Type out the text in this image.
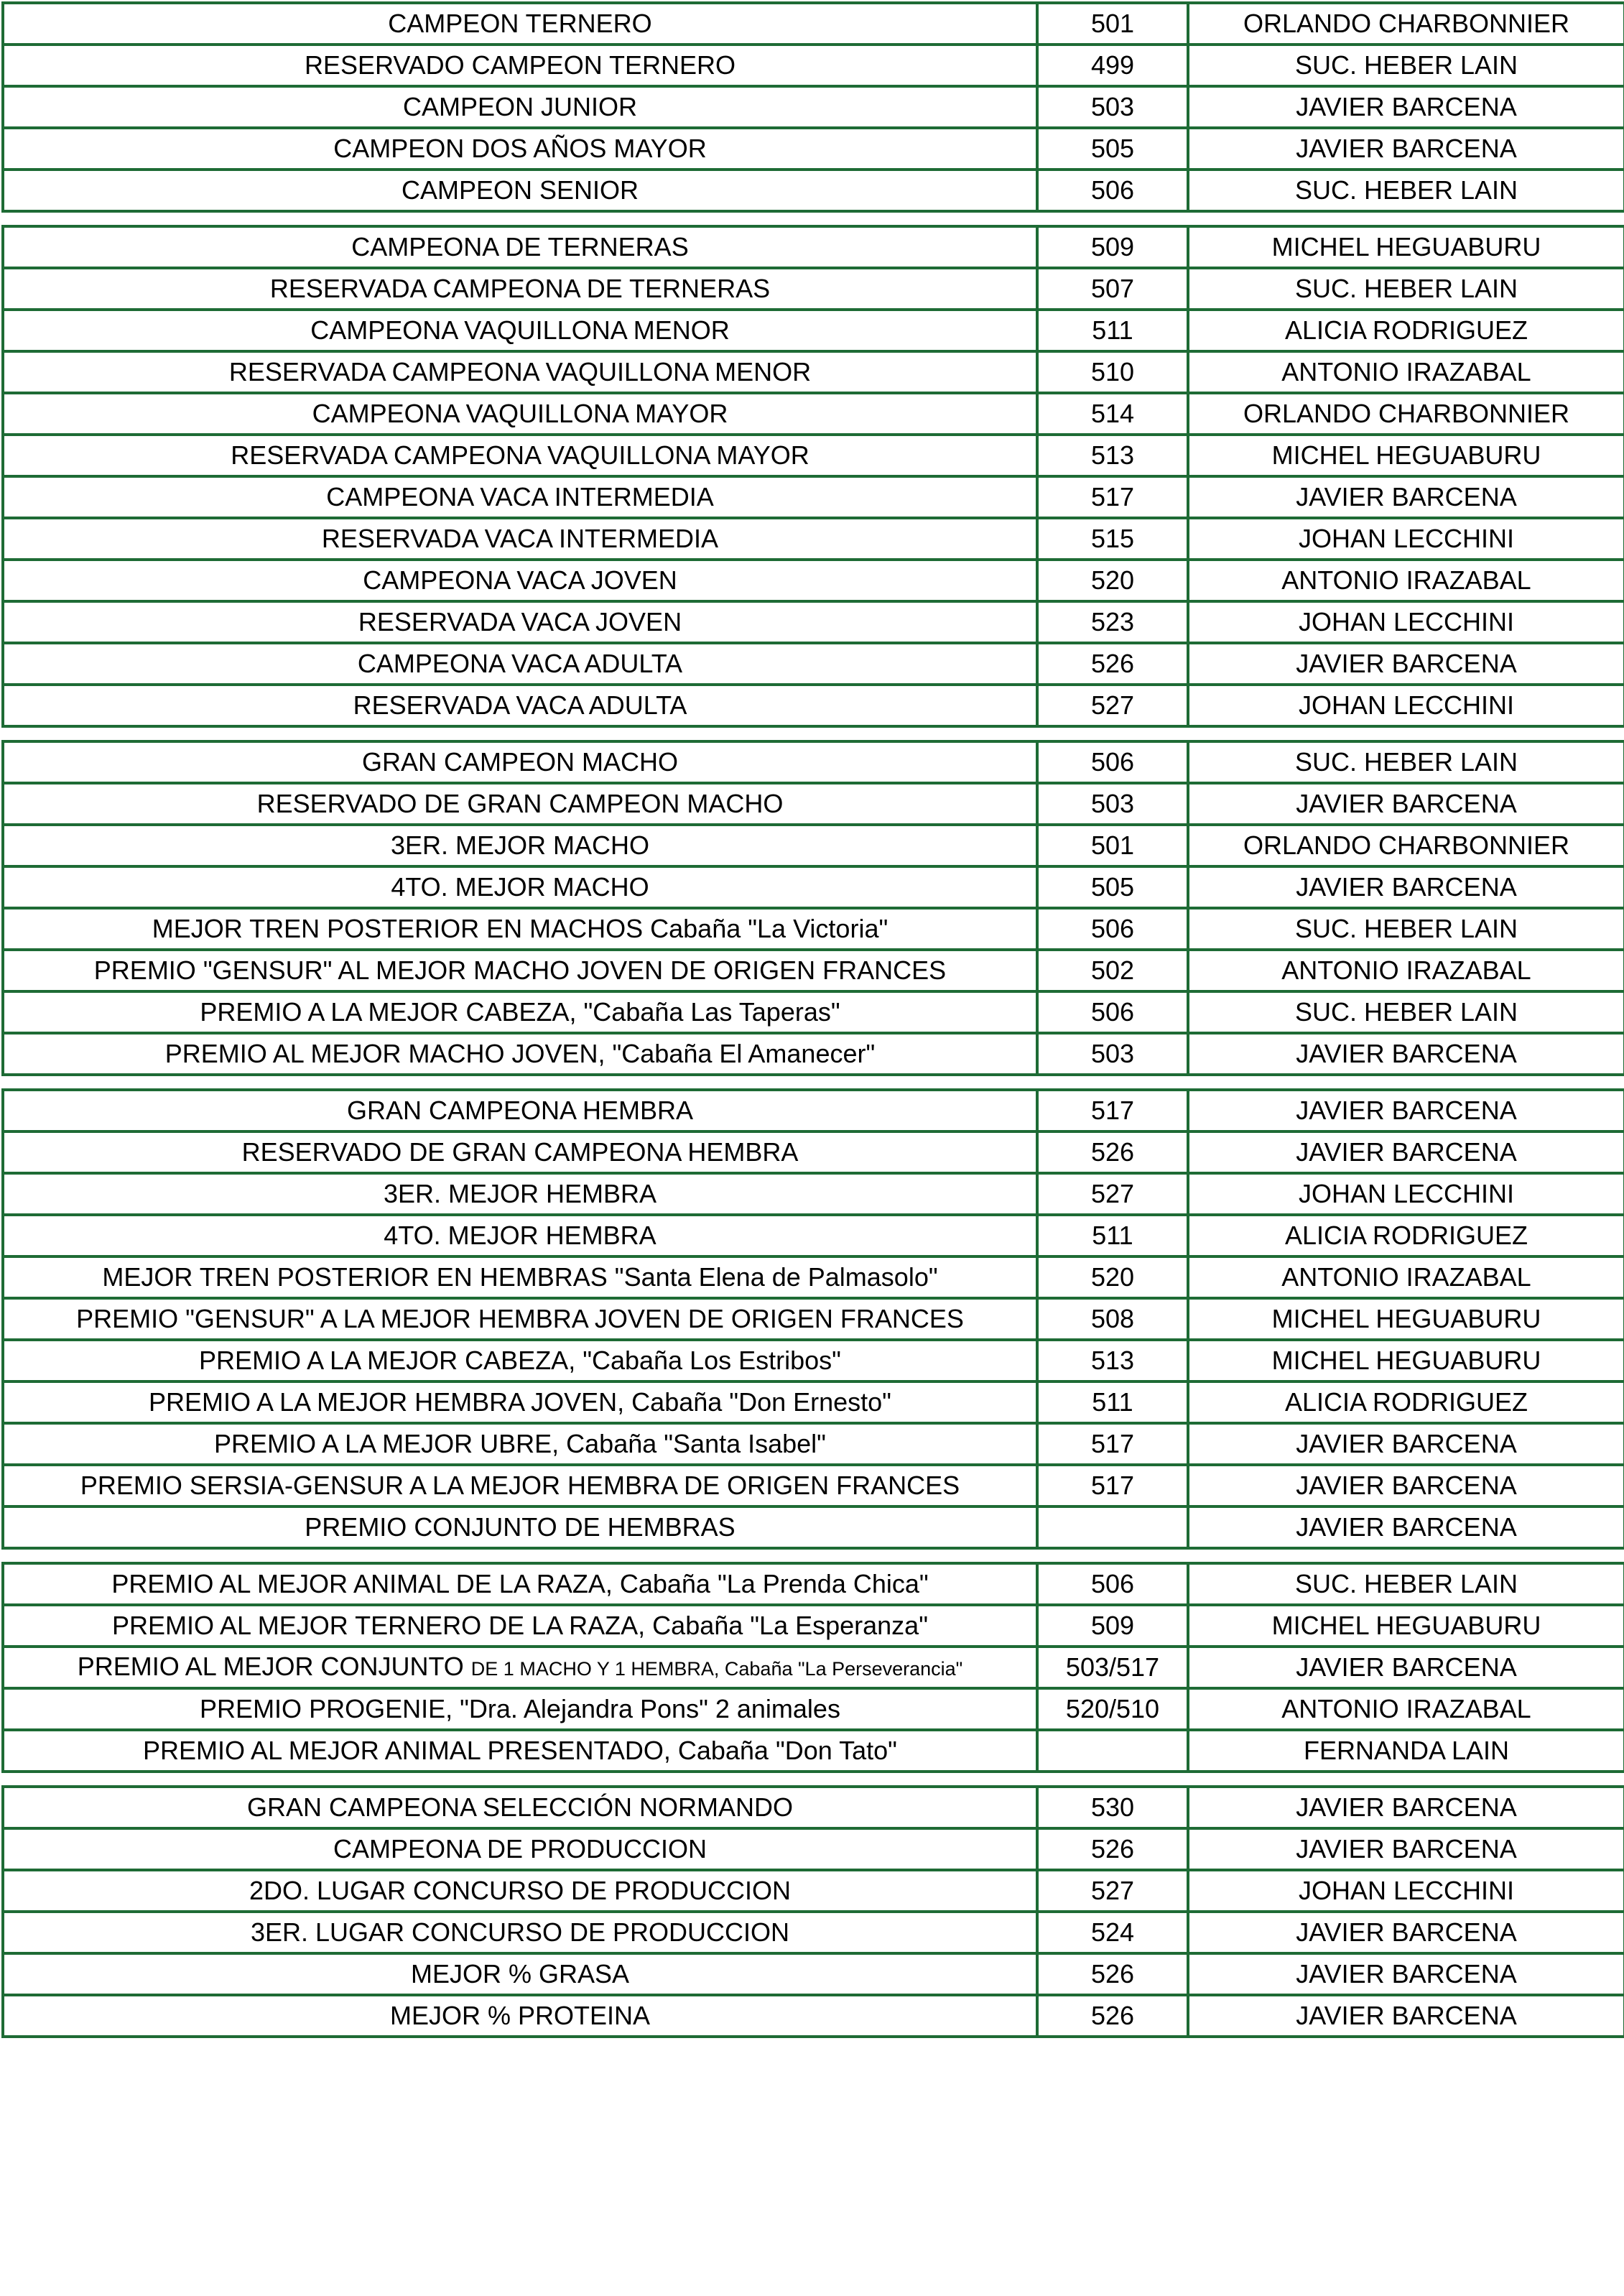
CAMPEON TERNERO	501	ORLANDO CHARBONNIER
RESERVADO CAMPEON TERNERO	499	SUC. HEBER LAIN
CAMPEON JUNIOR	503	JAVIER BARCENA
CAMPEON DOS AÑOS MAYOR	505	JAVIER BARCENA
CAMPEON SENIOR	506	SUC. HEBER LAIN
CAMPEONA DE TERNERAS	509	MICHEL HEGUABURU
RESERVADA CAMPEONA DE TERNERAS	507	SUC. HEBER LAIN
CAMPEONA VAQUILLONA MENOR	511	ALICIA RODRIGUEZ
RESERVADA CAMPEONA VAQUILLONA MENOR	510	ANTONIO IRAZABAL
CAMPEONA VAQUILLONA MAYOR	514	ORLANDO CHARBONNIER
RESERVADA CAMPEONA VAQUILLONA MAYOR	513	MICHEL HEGUABURU
CAMPEONA VACA INTERMEDIA	517	JAVIER BARCENA
RESERVADA VACA INTERMEDIA	515	JOHAN LECCHINI
CAMPEONA VACA JOVEN	520	ANTONIO IRAZABAL
RESERVADA VACA JOVEN	523	JOHAN LECCHINI
CAMPEONA VACA ADULTA	526	JAVIER BARCENA
RESERVADA VACA ADULTA	527	JOHAN LECCHINI
GRAN CAMPEON MACHO	506	SUC. HEBER LAIN
RESERVADO DE GRAN CAMPEON MACHO	503	JAVIER BARCENA
3ER. MEJOR MACHO	501	ORLANDO CHARBONNIER
4TO. MEJOR MACHO	505	JAVIER BARCENA
MEJOR TREN POSTERIOR EN MACHOS Cabaña "La Victoria"	506	SUC. HEBER LAIN
PREMIO "GENSUR" AL MEJOR MACHO JOVEN DE ORIGEN FRANCES	502	ANTONIO IRAZABAL
PREMIO A LA MEJOR CABEZA, "Cabaña Las Taperas"	506	SUC. HEBER LAIN
PREMIO AL MEJOR MACHO JOVEN, "Cabaña El Amanecer"	503	JAVIER BARCENA
GRAN CAMPEONA HEMBRA	517	JAVIER BARCENA
RESERVADO DE GRAN CAMPEONA HEMBRA	526	JAVIER BARCENA
3ER. MEJOR HEMBRA	527	JOHAN LECCHINI
4TO. MEJOR HEMBRA	511	ALICIA RODRIGUEZ
MEJOR TREN POSTERIOR EN HEMBRAS "Santa Elena de Palmasolo"	520	ANTONIO IRAZABAL
PREMIO "GENSUR" A LA MEJOR HEMBRA JOVEN DE ORIGEN FRANCES	508	MICHEL HEGUABURU
PREMIO A LA MEJOR CABEZA, "Cabaña Los Estribos"	513	MICHEL HEGUABURU
PREMIO A LA MEJOR HEMBRA JOVEN, Cabaña "Don Ernesto"	511	ALICIA RODRIGUEZ
PREMIO A LA MEJOR UBRE, Cabaña "Santa Isabel"	517	JAVIER BARCENA
PREMIO SERSIA-GENSUR A LA MEJOR HEMBRA DE ORIGEN FRANCES	517	JAVIER BARCENA
PREMIO CONJUNTO DE HEMBRAS		JAVIER BARCENA
PREMIO AL MEJOR ANIMAL DE LA RAZA, Cabaña "La Prenda Chica"	506	SUC. HEBER LAIN
PREMIO AL MEJOR TERNERO DE LA RAZA, Cabaña "La Esperanza"	509	MICHEL HEGUABURU
PREMIO AL MEJOR CONJUNTO DE 1 MACHO Y 1 HEMBRA, Cabaña "La Perseverancia"	503/517	JAVIER BARCENA
PREMIO PROGENIE, "Dra. Alejandra Pons" 2 animales	520/510	ANTONIO IRAZABAL
PREMIO AL MEJOR ANIMAL PRESENTADO, Cabaña "Don Tato"		FERNANDA LAIN
GRAN CAMPEONA SELECCIÓN NORMANDO	530	JAVIER BARCENA
CAMPEONA DE PRODUCCION	526	JAVIER BARCENA
2DO. LUGAR CONCURSO DE PRODUCCION	527	JOHAN LECCHINI
3ER. LUGAR CONCURSO DE PRODUCCION	524	JAVIER BARCENA
MEJOR % GRASA	526	JAVIER BARCENA
MEJOR % PROTEINA	526	JAVIER BARCENA
